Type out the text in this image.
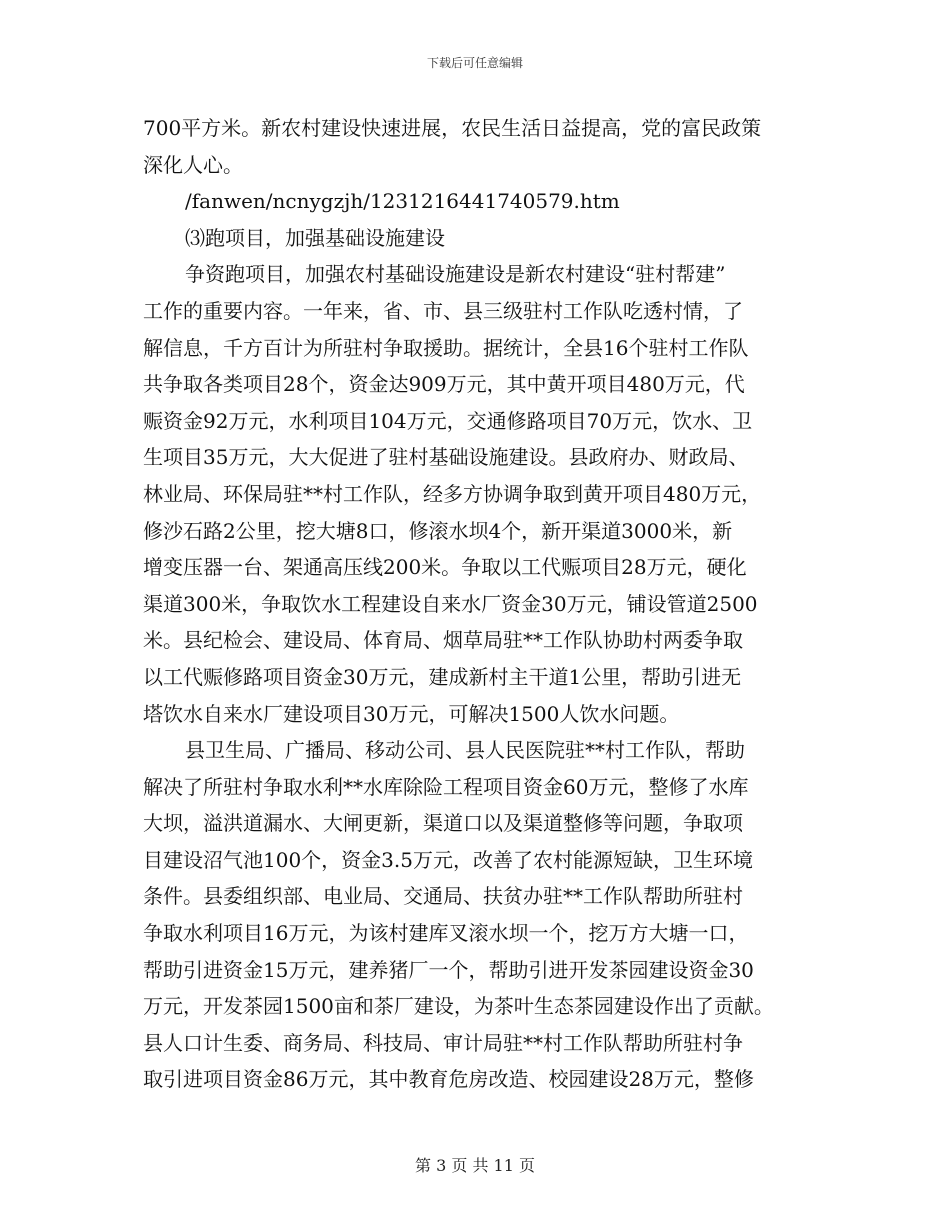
下载后可任意编辑
700平方米。新农村建设快速进展，农民生活日益提高，党的富民政策
深化人心。
/fanwen/ncnygzjh/1231216441740579.htm
⑶跑项目，加强基础设施建设
争资跑项目，加强农村基础设施建设是新农村建设“驻村帮建”
工作的重要内容。一年来，省、市、县三级驻村工作队吃透村情，了
解信息，千方百计为所驻村争取援助。据统计，全县16个驻村工作队
共争取各类项目28个，资金达909万元，其中黄开项目480万元，代
赈资金92万元，水利项目104万元，交通修路项目70万元，饮水、卫
生项目35万元，大大促进了驻村基础设施建设。县政府办、财政局、
林业局、环保局驻**村工作队，经多方协调争取到黄开项目480万元，
修沙石路2公里，挖大塘8口，修滚水坝4个，新开渠道3000米，新
增变压器一台、架通高压线200米。争取以工代赈项目28万元，硬化
渠道300米，争取饮水工程建设自来水厂资金30万元，铺设管道2500
米。县纪检会、建设局、体育局、烟草局驻**工作队协助村两委争取
以工代赈修路项目资金30万元，建成新村主干道1公里，帮助引进无
塔饮水自来水厂建设项目30万元，可解决1500人饮水问题。
县卫生局、广播局、移动公司、县人民医院驻**村工作队，帮助
解决了所驻村争取水利**水库除险工程项目资金60万元，整修了水库
大坝，溢洪道漏水、大闸更新，渠道口以及渠道整修等问题，争取项
目建设沼气池100个，资金3.5万元，改善了农村能源短缺，卫生环境
条件。县委组织部、电业局、交通局、扶贫办驻**工作队帮助所驻村
争取水利项目16万元，为该村建库叉滚水坝一个，挖万方大塘一口，
帮助引进资金15万元，建养猪厂一个，帮助引进开发茶园建设资金30
万元，开发茶园1500亩和茶厂建设，为茶叶生态茶园建设作出了贡献。
县人口计生委、商务局、科技局、审计局驻**村工作队帮助所驻村争
取引进项目资金86万元，其中教育危房改造、校园建设28万元，整修
第 3 页 共 11 页
